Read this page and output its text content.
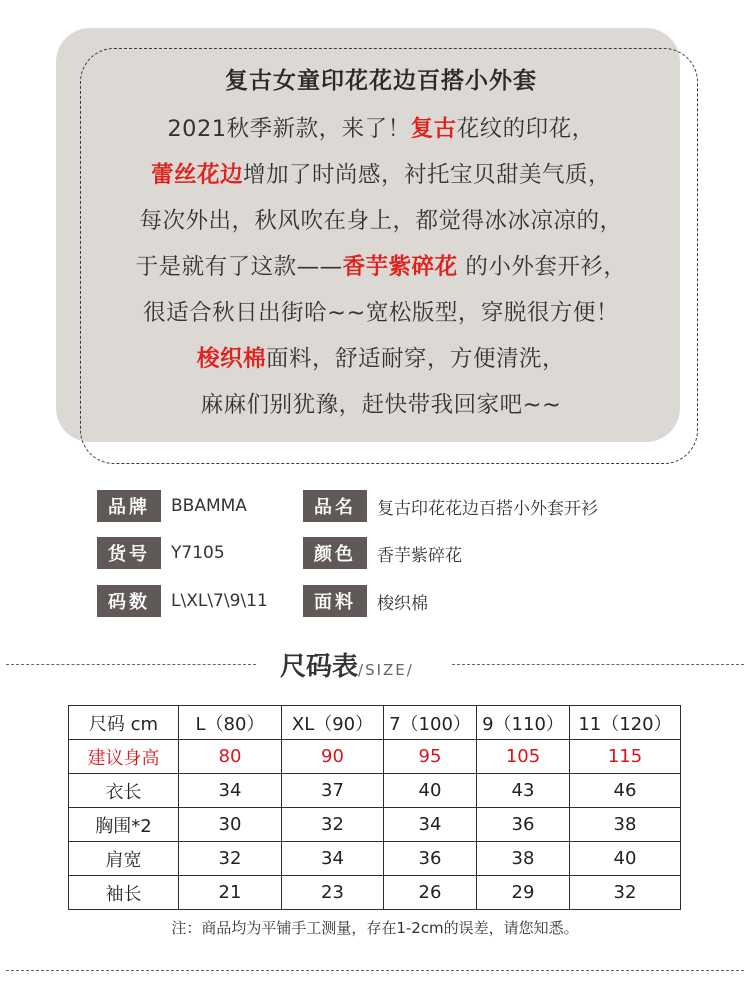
复古女童印花花边百搭小外套
2021秋季新款，来了！复古花纹的印花，
蕾丝花边增加了时尚感，衬托宝贝甜美气质，
每次外出，秋风吹在身上，都觉得冰冰凉凉的，
于是就有了这款——香芋紫碎花 的小外套开衫，
很适合秋日出街哈~~宽松版型，穿脱很方便！
梭织棉面料，舒适耐穿，方便清洗，
麻麻们别犹豫，赶快带我回家吧~~
品牌	BBAMMA	品名	复古印花花边百搭小外套开衫
货号	Y7105	颜色	香芋紫碎花
码数	L\XL\7\9\11	面料	梭织棉
尺码表/SIZE/
尺码 cm	L（80）	XL（90）	7（100）	9（110）	11（120）
建议身高	80	90	95	105	115
衣长	34	37	40	43	46
胸围*2	30	32	34	36	38
肩宽	32	34	36	38	40
袖长	21	23	26	29	32
注：商品均为平铺手工测量，存在1-2cm的误差，请您知悉。
